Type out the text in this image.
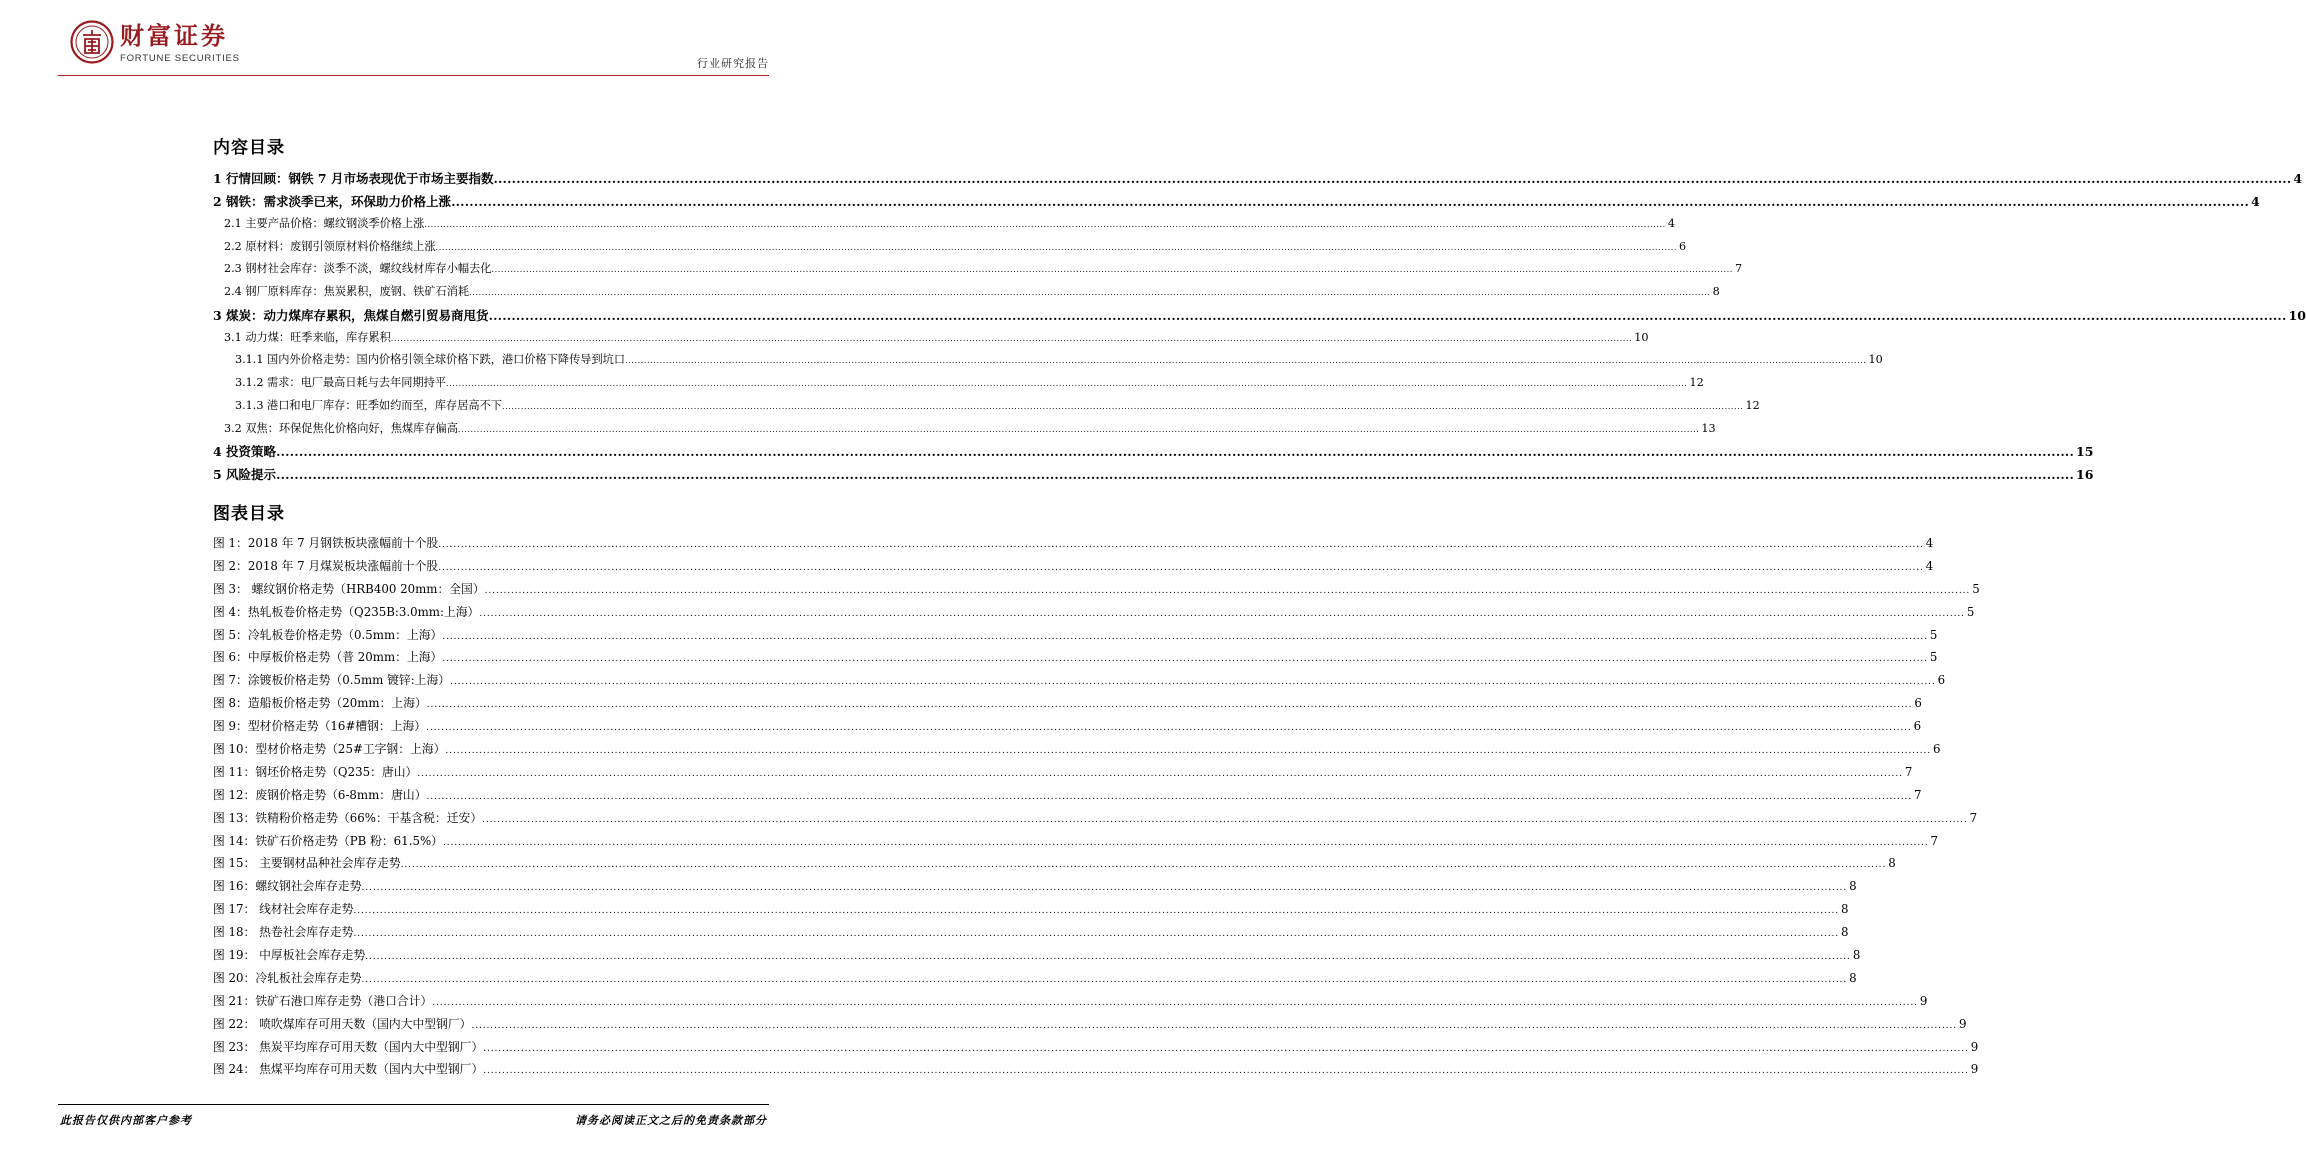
财富证券
FORTUNE SECURITIES	行业研究报告
内容目录
1 行情回顾：钢铁 7 月市场表现优于市场主要指数 .....	4
2 钢铁：需求淡季已来，环保助力价格上涨 .....	4
2.1 主要产品价格：螺纹钢淡季价格上涨 .....	4
2.2 原材料：废钢引领原材料价格继续上涨 .....	6
2.3 钢材社会库存：淡季不淡，螺纹线材库存小幅去化 .....	7
2.4 钢厂原料库存：焦炭累积，废钢、铁矿石消耗 .....	8
3 煤炭：动力煤库存累积，焦煤自燃引贸易商甩货 .....	10
3.1 动力煤：旺季来临，库存累积 .....	10
3.1.1 国内外价格走势：国内价格引领全球价格下跌，港口价格下降传导到坑口 .....	10
3.1.2 需求：电厂最高日耗与去年同期持平 .....	12
3.1.3 港口和电厂库存：旺季如约而至，库存居高不下 .....	12
3.2 双焦：环保促焦化价格向好，焦煤库存偏高 .....	13
4 投资策略 .....	15
5 风险提示 .....	16
图表目录
图 1：2018 年 7 月钢铁板块涨幅前十个股 .....	4
图 2：2018 年 7 月煤炭板块涨幅前十个股 .....	4
图 3： 螺纹钢价格走势（HRB400 20mm：全国） .....	5
图 4：热轧板卷价格走势（Q235B:3.0mm:上海） .....	5
图 5：冷轧板卷价格走势（0.5mm：上海） .....	5
图 6：中厚板价格走势（普 20mm：上海） .....	5
图 7：涂镀板价格走势（0.5mm 镀锌:上海） .....	6
图 8：造船板价格走势（20mm：上海） .....	6
图 9：型材价格走势（16#槽钢：上海） .....	6
图 10：型材价格走势（25#工字钢：上海） .....	6
图 11：钢坯价格走势（Q235：唐山） .....	7
图 12：废钢价格走势（6-8mm：唐山） .....	7
图 13：铁精粉价格走势（66%：干基含税：迁安） .....	7
图 14：铁矿石价格走势（PB 粉：61.5%） .....	7
图 15： 主要钢材品种社会库存走势 .....	8
图 16：螺纹钢社会库存走势 .....	8
图 17： 线材社会库存走势 .....	8
图 18： 热卷社会库存走势 .....	8
图 19： 中厚板社会库存走势 .....	8
图 20：冷轧板社会库存走势 .....	8
图 21：铁矿石港口库存走势（港口合计） .....	9
图 22： 喷吹煤库存可用天数（国内大中型钢厂） .....	9
图 23： 焦炭平均库存可用天数（国内大中型钢厂） .....	9
图 24： 焦煤平均库存可用天数（国内大中型钢厂） .....	9
此报告仅供内部客户参考	请务必阅读正文之后的免责条款部分
